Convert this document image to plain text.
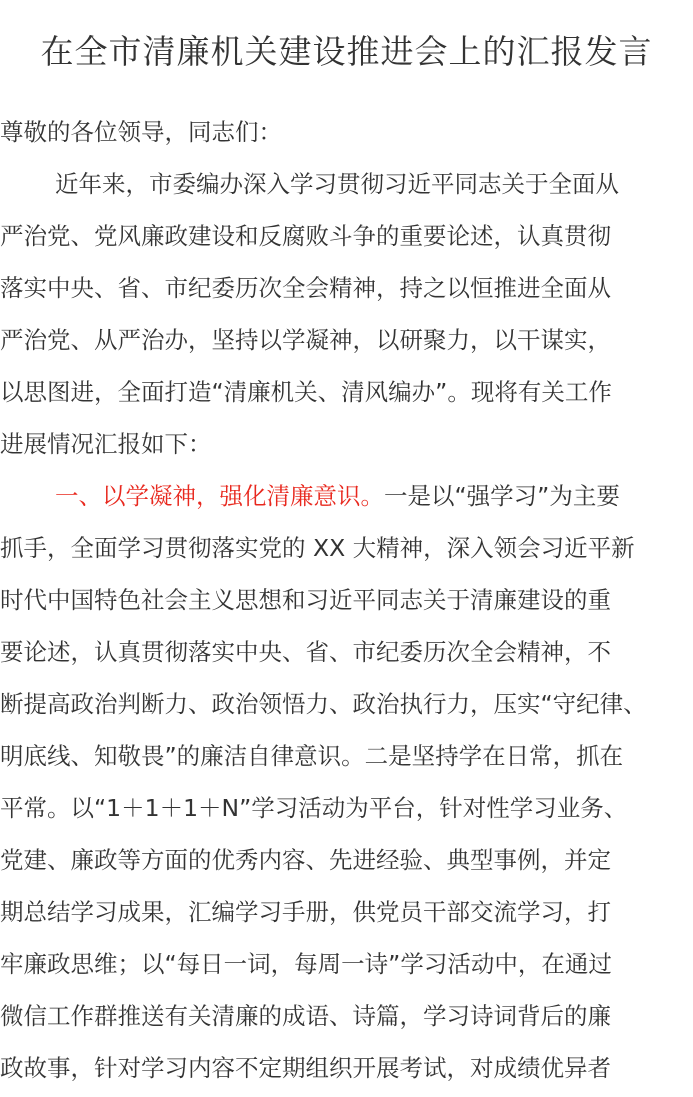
在全市清廉机关建设推进会上的汇报发言
尊敬的各位领导，同志们：
近年来，市委编办深入学习贯彻习近平同志关于全面从
严治党、党风廉政建设和反腐败斗争的重要论述，认真贯彻
落实中央、省、市纪委历次全会精神，持之以恒推进全面从
严治党、从严治办，坚持以学凝神，以研聚力，以干谋实，
以思图进，全面打造“清廉机关、清风编办”。现将有关工作
进展情况汇报如下：
一、以学凝神，强化清廉意识。一是以“强学习”为主要
抓手，全面学习贯彻落实党的 XX 大精神，深入领会习近平新
时代中国特色社会主义思想和习近平同志关于清廉建设的重
要论述，认真贯彻落实中央、省、市纪委历次全会精神，不
断提高政治判断力、政治领悟力、政治执行力，压实“守纪律、
明底线、知敬畏”的廉洁自律意识。二是坚持学在日常，抓在
平常。以“1＋1＋1＋N”学习活动为平台，针对性学习业务、
党建、廉政等方面的优秀内容、先进经验、典型事例，并定
期总结学习成果，汇编学习手册，供党员干部交流学习，打
牢廉政思维；以“每日一词，每周一诗”学习活动中，在通过
微信工作群推送有关清廉的成语、诗篇，学习诗词背后的廉
政故事，针对学习内容不定期组织开展考试，对成绩优异者
